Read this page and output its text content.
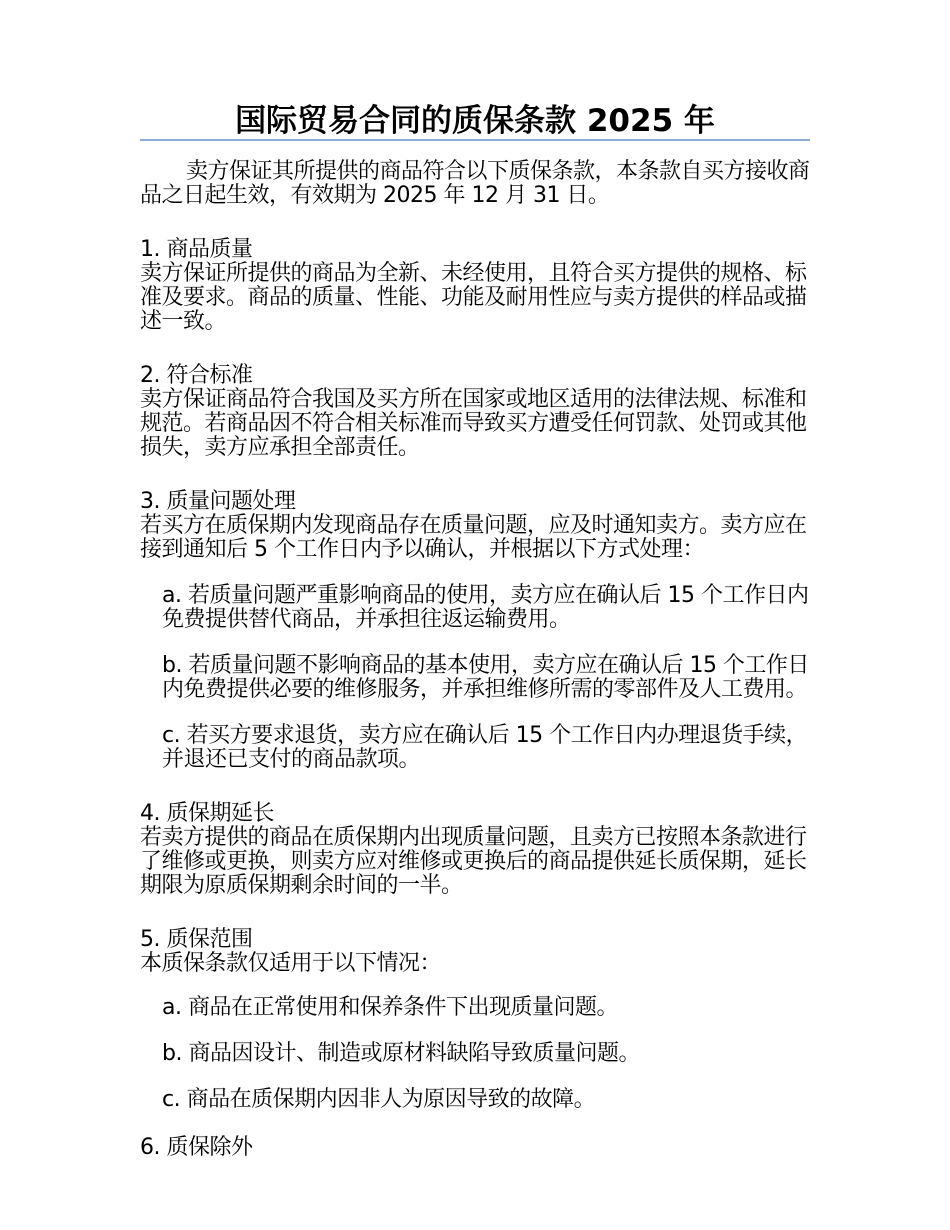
国际贸易合同的质保条款 2025 年

卖方保证其所提供的商品符合以下质保条款，本条款自买方接收商品之日起生效，有效期为 2025 年 12 月 31 日。

1. 商品质量

卖方保证所提供的商品为全新、未经使用，且符合买方提供的规格、标准及要求。商品的质量、性能、功能及耐用性应与卖方提供的样品或描述一致。

2. 符合标准

卖方保证商品符合我国及买方所在国家或地区适用的法律法规、标准和规范。若商品因不符合相关标准而导致买方遭受任何罚款、处罚或其他损失，卖方应承担全部责任。

3. 质量问题处理

若买方在质保期内发现商品存在质量问题，应及时通知卖方。卖方应在接到通知后 5 个工作日内予以确认，并根据以下方式处理：

a. 若质量问题严重影响商品的使用，卖方应在确认后 15 个工作日内免费提供替代商品，并承担往返运输费用。

b. 若质量问题不影响商品的基本使用，卖方应在确认后 15 个工作日内免费提供必要的维修服务，并承担维修所需的零部件及人工费用。

c. 若买方要求退货，卖方应在确认后 15 个工作日内办理退货手续，并退还已支付的商品款项。

4. 质保期延长

若卖方提供的商品在质保期内出现质量问题，且卖方已按照本条款进行了维修或更换，则卖方应对维修或更换后的商品提供延长质保期，延长期限为原质保期剩余时间的一半。

5. 质保范围

本质保条款仅适用于以下情况：

a. 商品在正常使用和保养条件下出现质量问题。

b. 商品因设计、制造或原材料缺陷导致质量问题。

c. 商品在质保期内因非人为原因导致的故障。

6. 质保除外
